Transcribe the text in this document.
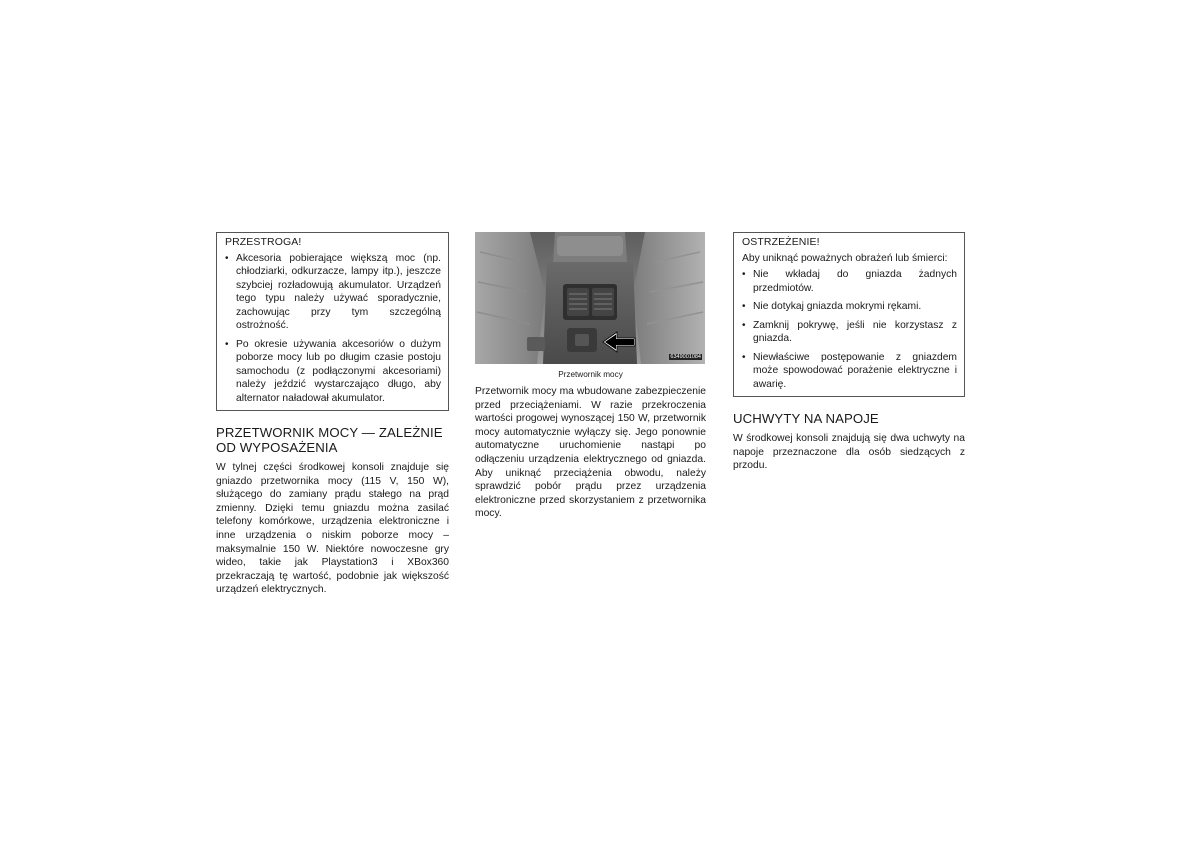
PRZESTROGA!
• Akcesoria pobierające większą moc (np. chłodziarki, odkurzacze, lampy itp.), jeszcze szybciej rozładowują akumulator. Urządzeń tego typu należy używać sporadycznie, zachowując przy tym szczególną ostrożność.
• Po okresie używania akcesoriów o dużym poborze mocy lub po długim czasie postoju samochodu (z podłączonymi akcesoriami) należy jeździć wystarczająco długo, aby alternator naładował akumulator.
PRZETWORNIK MOCY — ZALEŻNIE OD WYPOSAŻENIA

W tylnej części środkowej konsoli znajduje się gniazdo przetwornika mocy (115 V, 150 W), służącego do zamiany prądu stałego na prąd zmienny. Dzięki temu gniazdu można zasilać telefony komórkowe, urządzenia elektroniczne i inne urządzenia o niskim poborze mocy – maksymalnie 150 W. Niektóre nowoczesne gry wideo, takie jak Playstation3 i XBox360 przekraczają tę wartość, podobnie jak większość urządzeń elektrycznych.

6349001084
Przetwornik mocy

Przetwornik mocy ma wbudowane zabezpieczenie przed przeciążeniami. W razie przekroczenia wartości progowej wynoszącej 150 W, przetwornik mocy automatycznie wyłączy się. Jego ponownie automatyczne uruchomienie nastąpi po odłączeniu urządzenia elektrycznego od gniazda. Aby uniknąć przeciążenia obwodu, należy sprawdzić pobór prądu przez urządzenia elektroniczne przed skorzystaniem z przetwornika mocy.

OSTRZEŻENIE!
Aby uniknąć poważnych obrażeń lub śmierci:
• Nie wkładaj do gniazda żadnych przedmiotów.
• Nie dotykaj gniazda mokrymi rękami.
• Zamknij pokrywę, jeśli nie korzystasz z gniazda.
• Niewłaściwe postępowanie z gniazdem może spowodować porażenie elektryczne i awarię.
UCHWYTY NA NAPOJE

W środkowej konsoli znajdują się dwa uchwyty na napoje przeznaczone dla osób siedzących z przodu.
